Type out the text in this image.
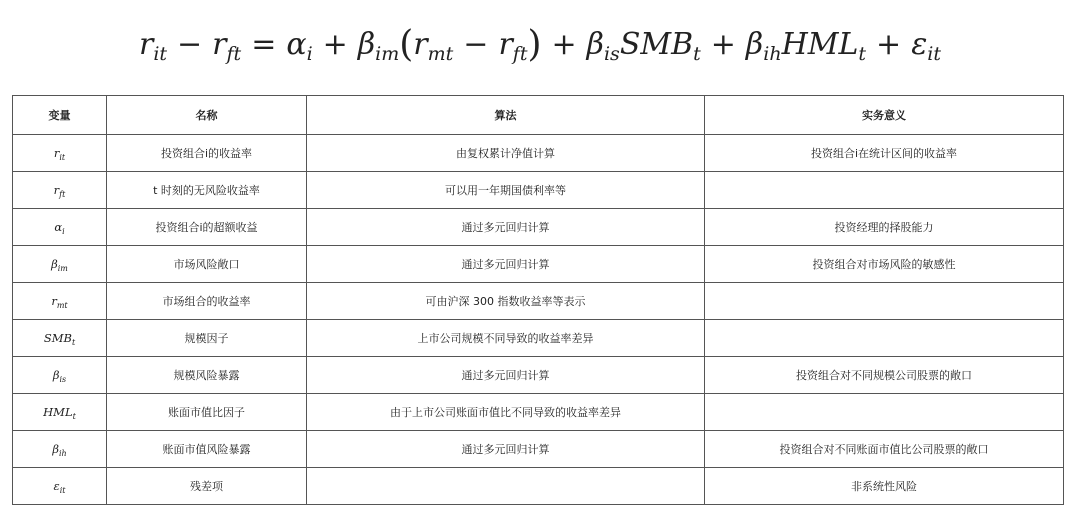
$r_{it} - r_{ft} = \alpha_i + \beta_{im}$ ( $r_{mt} - r_{ft}$ ) + $\beta_{is}$ $SMB_t + \beta_{ih}$ $HML_t + \varepsilon_{it}$
变量	名称	算法	实务意义
$r_{it}$	投资组合i的收益率	由复权累计净值计算	投资组合i在统计区间的收益率
$r_{ft}$	t 时刻的无风险收益率	可以用一年期国债利率等	
$\alpha_i$	投资组合i的超额收益	通过多元回归计算	投资经理的择股能力
$\beta_{im}$	市场风险敞口	通过多元回归计算	投资组合对市场风险的敏感性
$r_{mt}$	市场组合的收益率	可由沪深 300 指数收益率等表示	
$SMB_t$	规模因子	上市公司规模不同导致的收益率差异	
$\beta_{is}$	规模风险暴露	通过多元回归计算	投资组合对不同规模公司股票的敞口
$HML_t$	账面市值比因子	由于上市公司账面市值比不同导致的收益率差异	
$\beta_{ih}$	账面市值风险暴露	通过多元回归计算	投资组合对不同账面市值比公司股票的敞口
$\varepsilon_{it}$	残差项		非系统性风险
